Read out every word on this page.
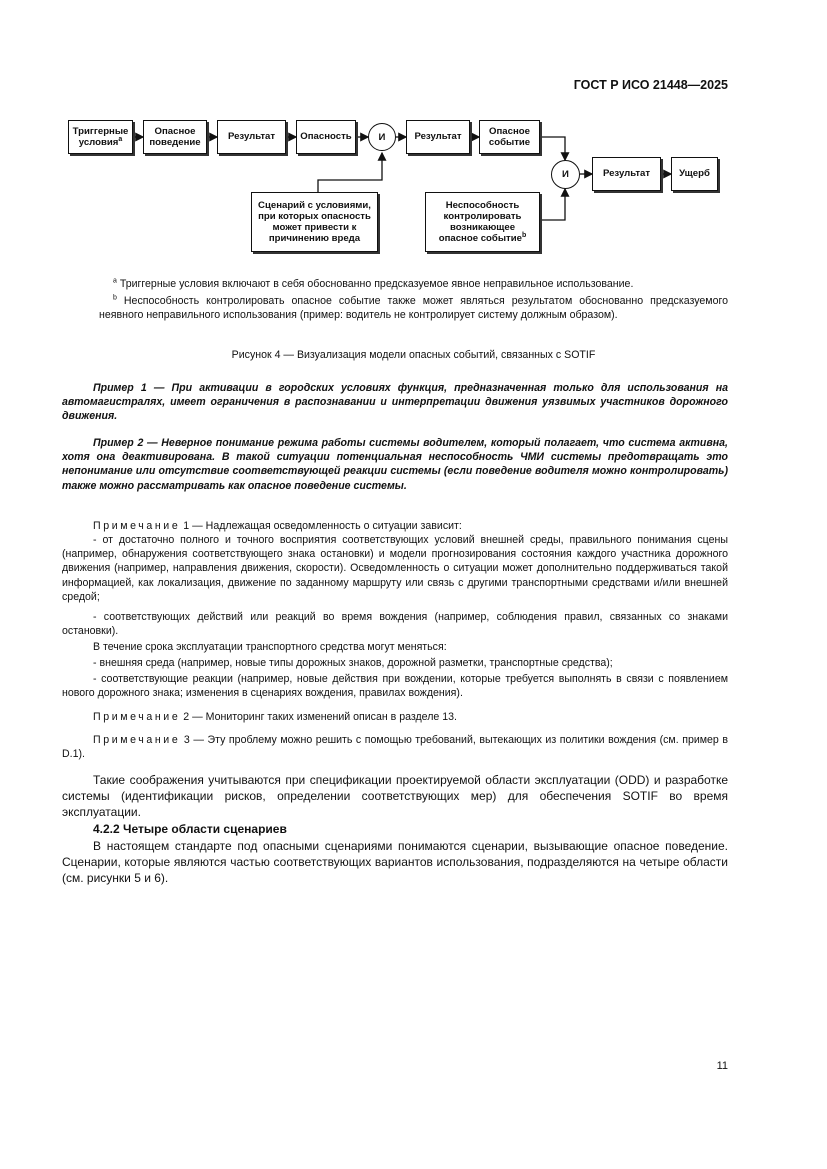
ГОСТ Р ИСО 21448—2025
Триггерные условия$^a$
Опасное поведение
Результат	Опасность	И	Результат
Опасное событие
И	Результат	Ущерб
Сценарий с условиями, при которых опасность может привести к причинению вреда
Неспособность контролировать возникающее опасное событие$^b$
$^a$ Триггерные условия включают в себя обоснованно предсказуемое явное неправильное использование.
$^b$ Неспособность контролировать опасное событие также может являться результатом обоснованно предсказуемого неявного неправильного использования (пример: водитель не контролирует систему должным образом).
Рисунок 4 — Визуализация модели опасных событий, связанных с SOTIF
Пример 1 — При активации в городских условиях функция, предназначенная только для использования на автомагистралях, имеет ограничения в распознавании и интерпретации движения уязвимых участников дорожного движения.
Пример 2 — Неверное понимание режима работы системы водителем, который полагает, что система активна, хотя она деактивирована. В такой ситуации потенциальная неспособность ЧМИ системы предотвращать это непонимание или отсутствие соответствующей реакции системы (если поведение водителя можно контролировать) также можно рассматривать как опасное поведение системы.
Примечание 1 — Надлежащая осведомленность о ситуации зависит:
- от достаточно полного и точного восприятия соответствующих условий внешней среды, правильного понимания сцены (например, обнаружения соответствующего знака остановки) и модели прогнозирования состояния каждого участника дорожного движения (например, направления движения, скорости). Осведомленность о ситуации может дополнительно поддерживаться такой информацией, как локализация, движение по заданному маршруту или связь с другими транспортными средствами и/или внешней средой;
- соответствующих действий или реакций во время вождения (например, соблюдения правил, связанных со знаками остановки).
В течение срока эксплуатации транспортного средства могут меняться:
- внешняя среда (например, новые типы дорожных знаков, дорожной разметки, транспортные средства);
- соответствующие реакции (например, новые действия при вождении, которые требуется выполнять в связи с появлением нового дорожного знака; изменения в сценариях вождения, правилах вождения).
Примечание 2 — Мониторинг таких изменений описан в разделе 13.
Примечание 3 — Эту проблему можно решить с помощью требований, вытекающих из политики вождения (см. пример в D.1).
Такие соображения учитываются при спецификации проектируемой области эксплуатации (ODD) и разработке системы (идентификации рисков, определении соответствующих мер) для обеспечения SOTIF во время эксплуатации.
4.2.2 Четыре области сценариев
В настоящем стандарте под опасными сценариями понимаются сценарии, вызывающие опасное поведение. Сценарии, которые являются частью соответствующих вариантов использования, подразделяются на четыре области (см. рисунки 5 и 6).
11
